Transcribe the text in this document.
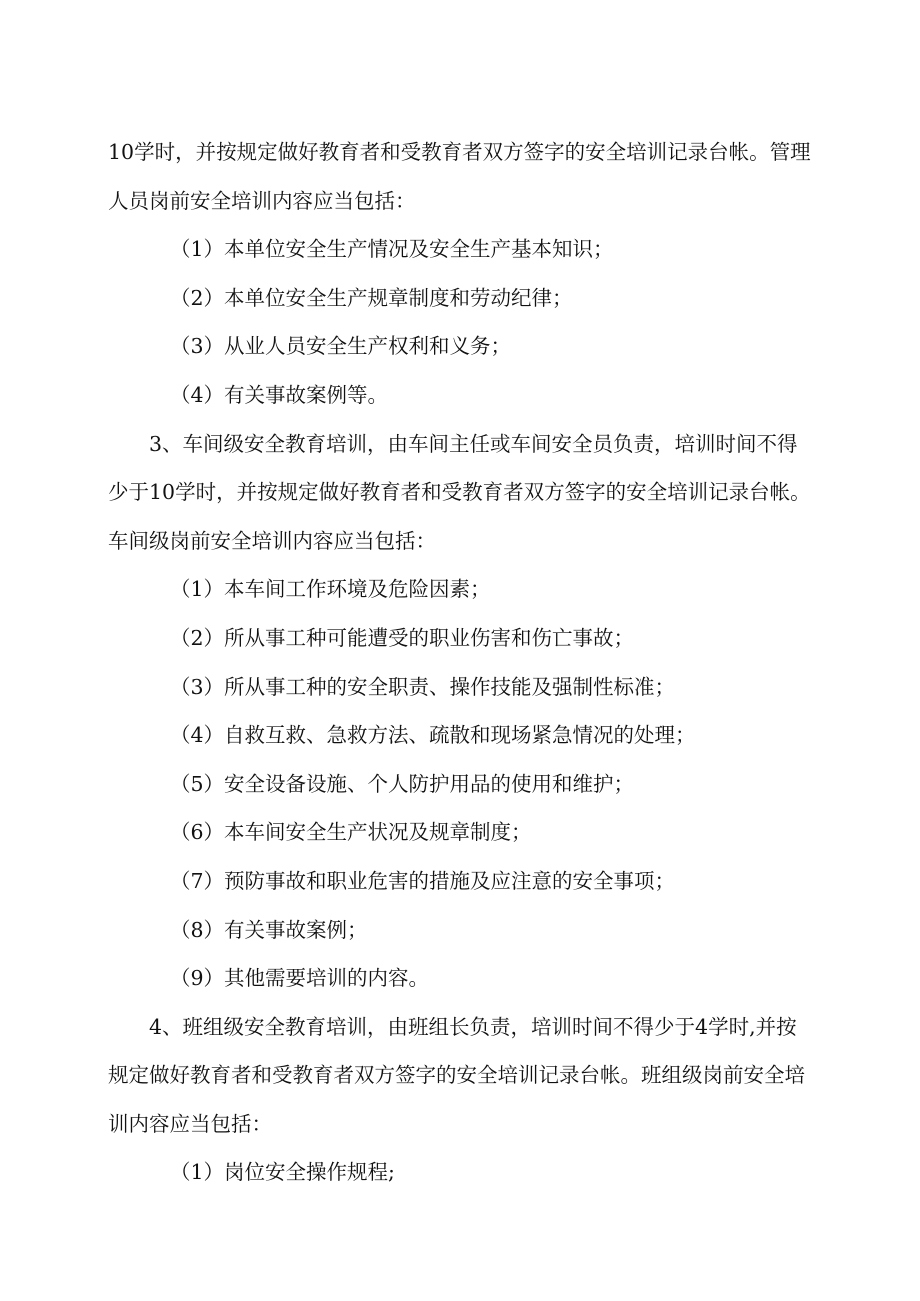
10学时，并按规定做好教育者和受教育者双方签字的安全培训记录台帐。管理人员岗前安全培训内容应当包括：

（1）本单位安全生产情况及安全生产基本知识；

（2）本单位安全生产规章制度和劳动纪律；

（3）从业人员安全生产权利和义务；

（4）有关事故案例等。

3、车间级安全教育培训，由车间主任或车间安全员负责，培训时间不得少于10学时，并按规定做好教育者和受教育者双方签字的安全培训记录台帐。车间级岗前安全培训内容应当包括：

（1）本车间工作环境及危险因素；

（2）所从事工种可能遭受的职业伤害和伤亡事故；

（3）所从事工种的安全职责、操作技能及强制性标准；

（4）自救互救、急救方法、疏散和现场紧急情况的处理；

（5）安全设备设施、个人防护用品的使用和维护；

（6）本车间安全生产状况及规章制度；

（7）预防事故和职业危害的措施及应注意的安全事项；

（8）有关事故案例；

（9）其他需要培训的内容。

4、班组级安全教育培训，由班组长负责，培训时间不得少于4学时,并按规定做好教育者和受教育者双方签字的安全培训记录台帐。班组级岗前安全培训内容应当包括：

（1）岗位安全操作规程;
